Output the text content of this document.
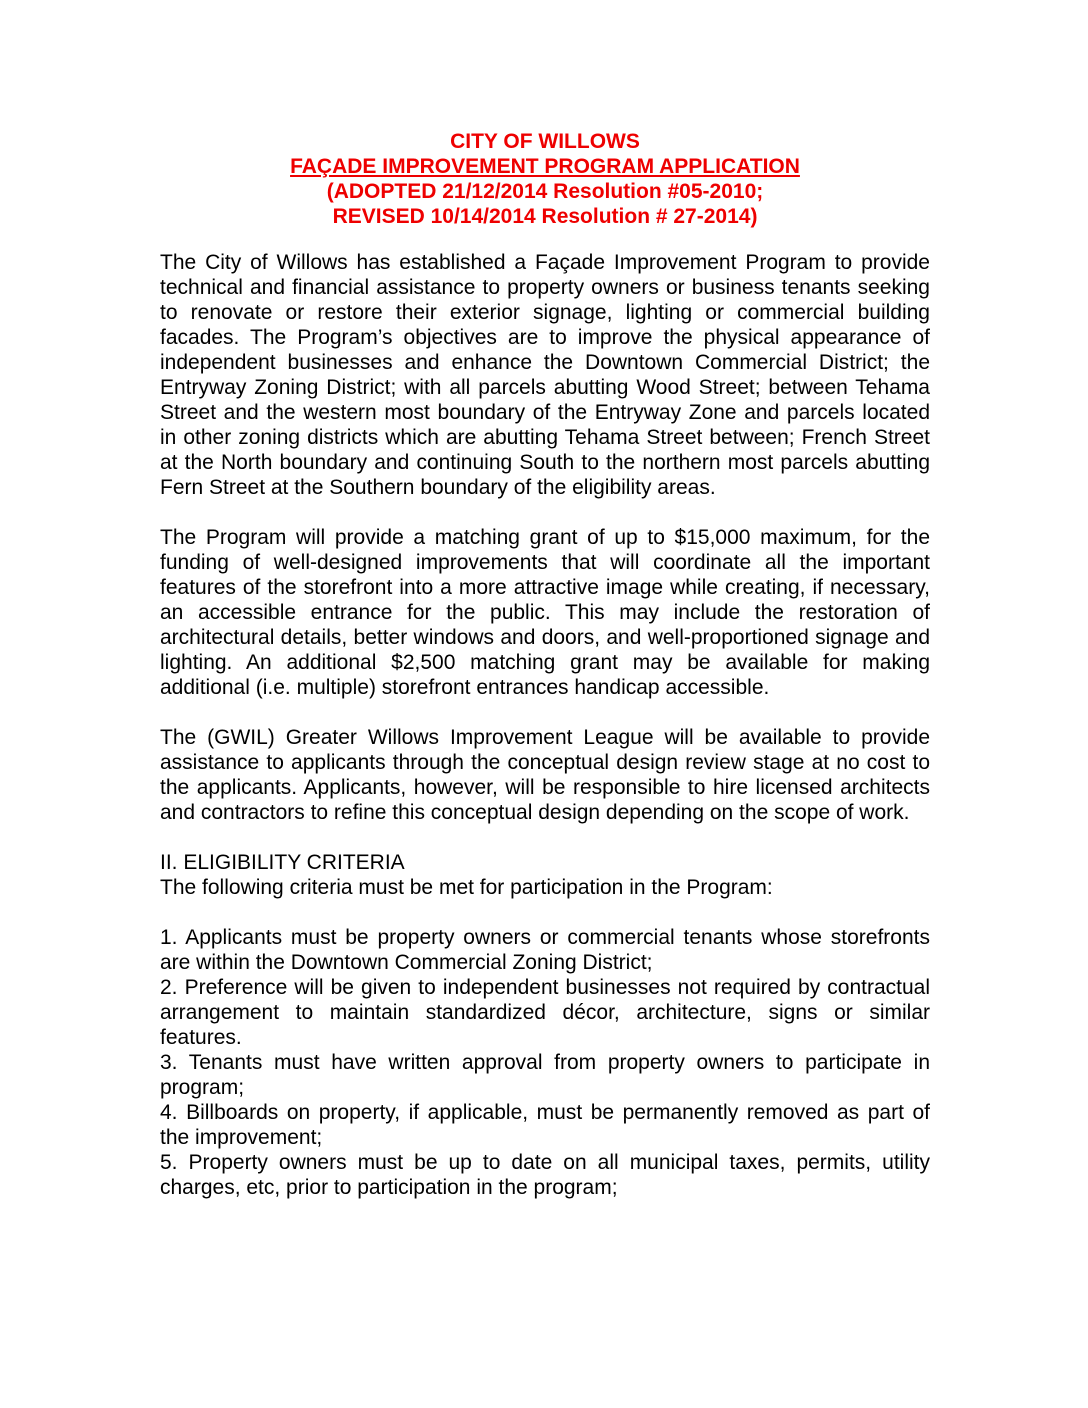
CITY OF WILLOWS
FAÇADE IMPROVEMENT PROGRAM APPLICATION
(ADOPTED 21/12/2014 Resolution #05-2010;
REVISED 10/14/2014 Resolution # 27-2014)

The City of Willows has established a Façade Improvement Program to provide technical and financial assistance to property owners or business tenants seeking to renovate or restore their exterior signage, lighting or commercial building facades. The Program’s objectives are to improve the physical appearance of independent businesses and enhance the Downtown Commercial District; the Entryway Zoning District; with all parcels abutting Wood Street; between Tehama Street and the western most boundary of the Entryway Zone and parcels located in other zoning districts which are abutting Tehama Street between; French Street at the North boundary and continuing South to the northern most parcels abutting Fern Street at the Southern boundary of the eligibility areas.

The Program will provide a matching grant of up to $15,000 maximum, for the funding of well-designed improvements that will coordinate all the important features of the storefront into a more attractive image while creating, if necessary, an accessible entrance for the public. This may include the restoration of architectural details, better windows and doors, and well-proportioned signage and lighting. An additional $2,500 matching grant may be available for making additional (i.e. multiple) storefront entrances handicap accessible.

The (GWIL) Greater Willows Improvement League will be available to provide assistance to applicants through the conceptual design review stage at no cost to the applicants. Applicants, however, will be responsible to hire licensed architects and contractors to refine this conceptual design depending on the scope of work.

II. ELIGIBILITY CRITERIA
The following criteria must be met for participation in the Program:

1. Applicants must be property owners or commercial tenants whose storefronts are within the Downtown Commercial Zoning District;

2. Preference will be given to independent businesses not required by contractual arrangement to maintain standardized décor, architecture, signs or similar features.

3. Tenants must have written approval from property owners to participate in program;

4. Billboards on property, if applicable, must be permanently removed as part of the improvement;

5. Property owners must be up to date on all municipal taxes, permits, utility charges, etc, prior to participation in the program;
